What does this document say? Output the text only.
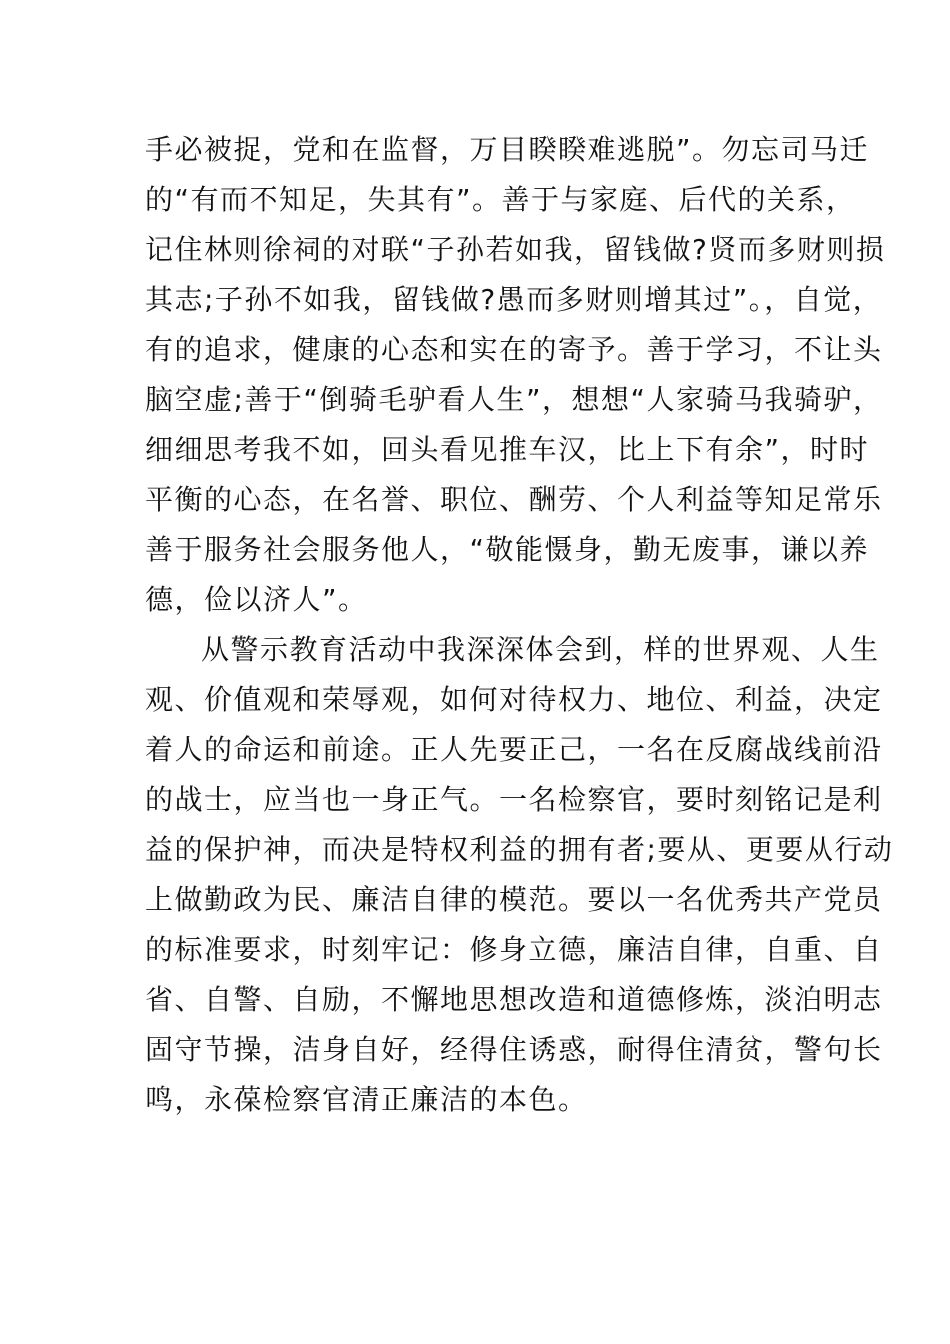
手必被捉，党和在监督，万目睽睽难逃脱”。勿忘司马迁
的“有而不知足，失其有”。善于与家庭、后代的关系，
记住林则徐祠的对联“子孙若如我，留钱做?贤而多财则损
其志;子孙不如我，留钱做?愚而多财则增其过”。，自觉，
有的追求，健康的心态和实在的寄予。善于学习，不让头
脑空虚;善于“倒骑毛驴看人生”，想想“人家骑马我骑驴，
细细思考我不如，回头看见推车汉，比上下有余”，时时
平衡的心态，在名誉、职位、酬劳、个人利益等知足常乐
善于服务社会服务他人，“敬能慑身，勤无废事，谦以养
德，俭以济人”。
从警示教育活动中我深深体会到，样的世界观、人生
观、价值观和荣辱观，如何对待权力、地位、利益，决定
着人的命运和前途。正人先要正己，一名在反腐战线前沿
的战士，应当也一身正气。一名检察官，要时刻铭记是利
益的保护神，而决是特权利益的拥有者;要从、更要从行动
上做勤政为民、廉洁自律的模范。要以一名优秀共产党员
的标准要求，时刻牢记：修身立德，廉洁自律，自重、自
省、自警、自励，不懈地思想改造和道德修炼，淡泊明志
固守节操，洁身自好，经得住诱惑，耐得住清贫，警句长
鸣，永葆检察官清正廉洁的本色。
